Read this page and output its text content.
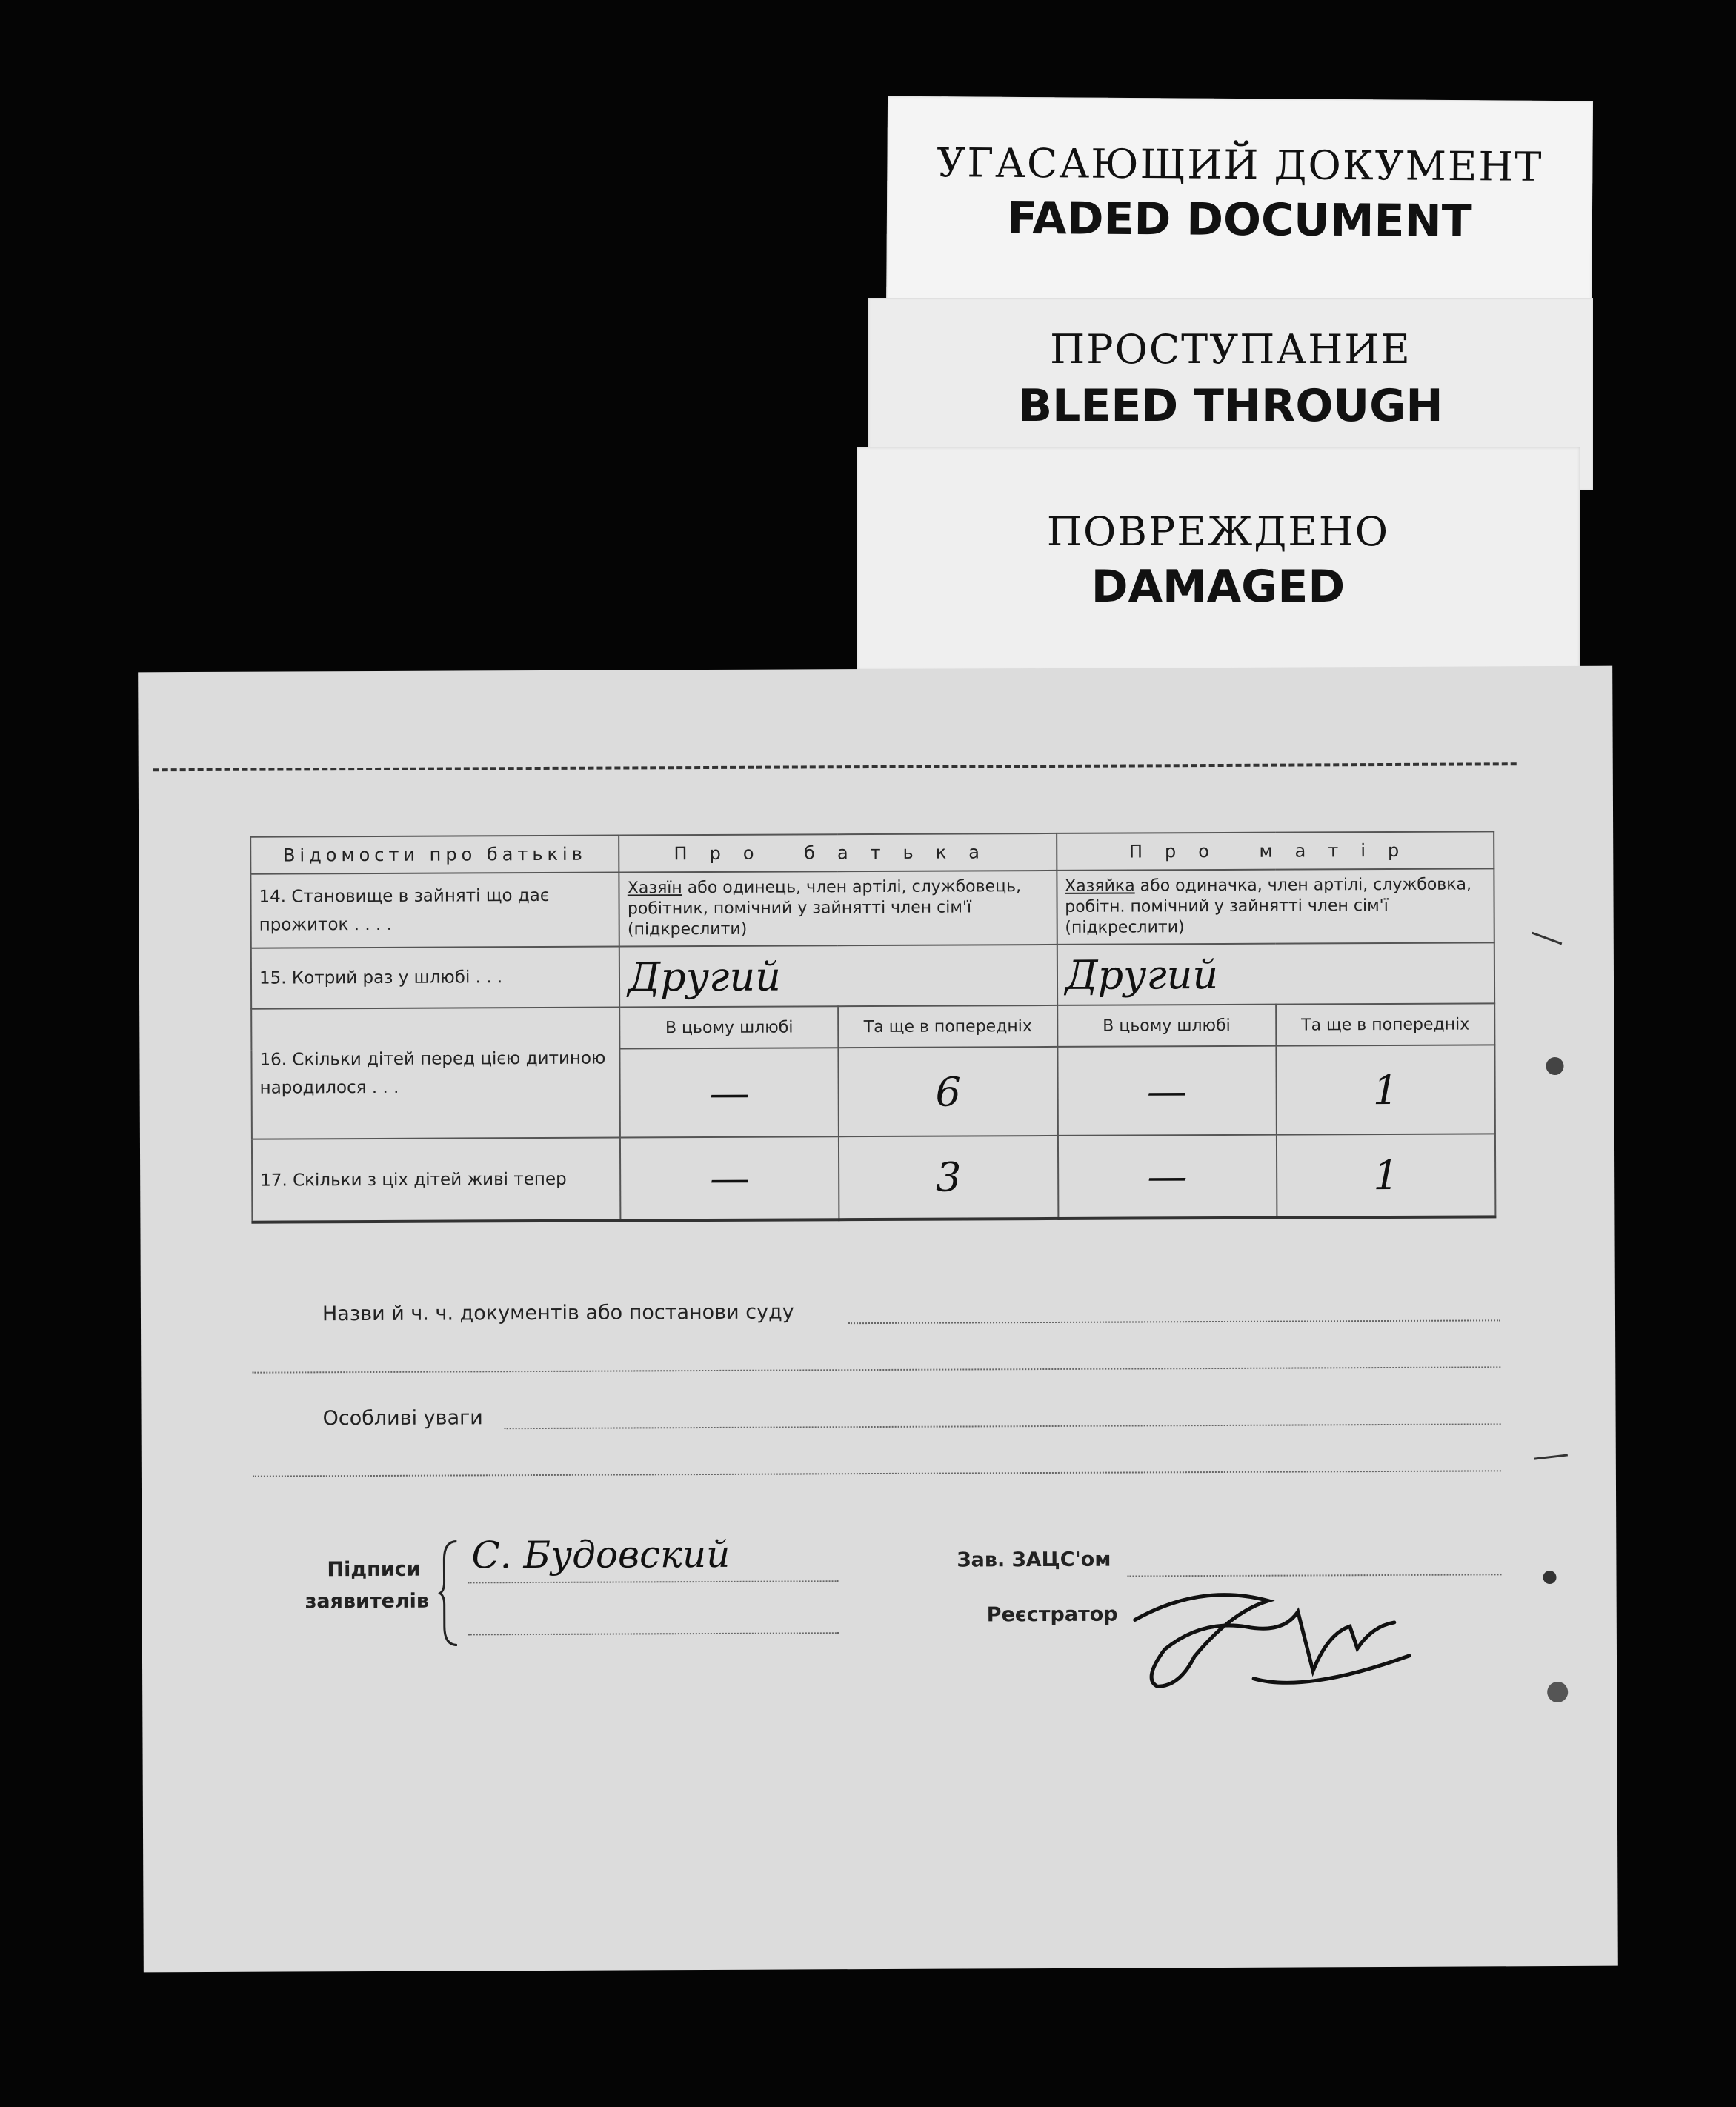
УГАСАЮЩИЙ ДОКУМЕНТ
FADED DOCUMENT
ПРОСТУПАНИЕ
BLEED THROUGH
ПОВРЕЖДЕНО
DAMAGED
Відомости про батьків	Про батька		Про матір	
14. Становище в зайняті що дає прожиток . . . .	Хазяїн або одинець, член артілі, службовець, робітник, помічний у зайнятті член сім'ї (підкреслити)		Хазяйка або одиначка, член артілі, службовка, робітн. помічний у зайнятті член сім'ї (підкреслити)	
15. Котрий раз у шлюбі . . .	Другий		Другий	
16. Скільки дітей перед цією дитиною народилося . . .	В цьому шлюбі	Та ще в попередніх	В цьому шлюбі	Та ще в попередніх
	—	6	—	1
17. Скільки з ціх дітей живі тепер	—	3	—	1
Назви й ч. ч. документів або постанови суду
Особливі уваги
Підписи
заявителів
С. Будовский	Зав. ЗАЦС'ом
Реєстратор
